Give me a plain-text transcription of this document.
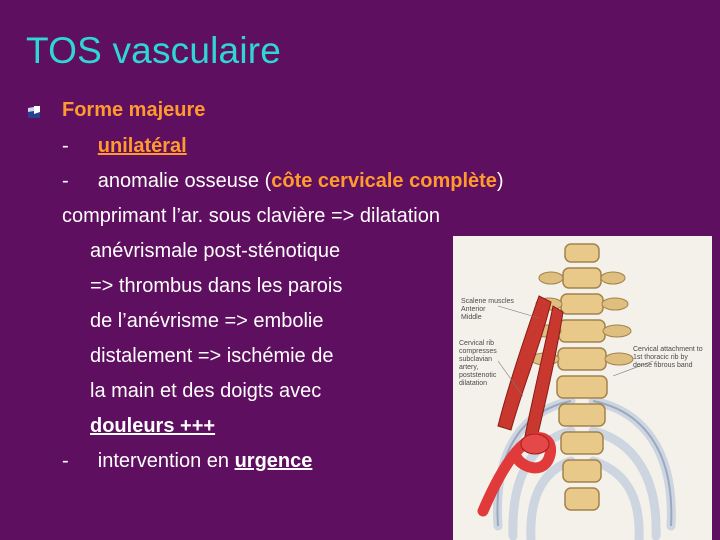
TOS vasculaire
Forme majeure
- unilatéral
- anomalie osseuse (côte cervicale complète)
comprimant l’ar. sous clavière => dilatation
anévrismale post-sténotique
=> thrombus dans les parois
de l’anévrisme => embolie
distalement => ischémie de
la main et des doigts avec
douleurs +++
- intervention en urgence
Scalene muscles
Anterior
Middle
Cervical rib
compresses
subclavian
artery,
poststenotic
dilatation
Cervical attachment to
1st thoracic rib by
dense fibrous band
